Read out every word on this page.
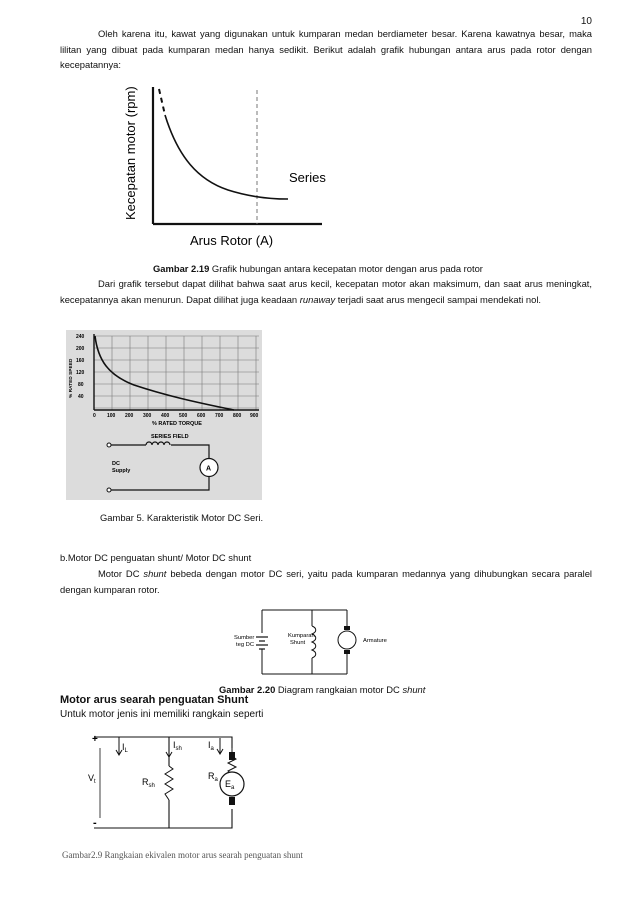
10
Oleh karena itu, kawat yang digunakan untuk kumparan medan berdiameter besar. Karena kawatnya besar, maka lilitan yang dibuat pada kumparan medan hanya sedikit. Berikut adalah grafik hubungan antara arus pada rotor dengan kecepatannya:
Kecepatan motor (rpm)
Arus Rotor (A)
Series
Gambar 2.19 Grafik hubungan antara kecepatan motor dengan arus pada rotor
Dari grafik tersebut dapat dilihat bahwa saat arus kecil, kecepatan motor akan maksimum, dan saat arus meningkat, kecepatannya akan menurun. Dapat dilihat juga keadaan runaway terjadi saat arus mengecil sampai mendekati nol.
240
200
160
120
80
40
% RATED SPEED
0 100 200 300 400 500 600 700 800 900
% RATED TORQUE
SERIES FIELD
A
DC
Supply
Gambar 5. Karakteristik Motor DC Seri.
b.Motor DC penguatan shunt/ Motor DC shunt
Motor DC shunt bebeda dengan motor DC seri, yaitu pada kumparan medannya yang dihubungkan secara paralel dengan kumparan rotor.
Sumber
teg DC
Kumparan
Shunt	Armature
Gambar 2.20 Diagram rangkaian motor DC shunt
Motor arus searah penguatan Shunt
Untuk motor jenis ini memiliki rangkain seperti
+
-
$V_t$
$I_L$
$I_{sh}$
$R_{sh}$
$I_a$
$R_a$ $E_a$
Gambar2.9 Rangkaian ekivalen motor arus searah penguatan shunt
